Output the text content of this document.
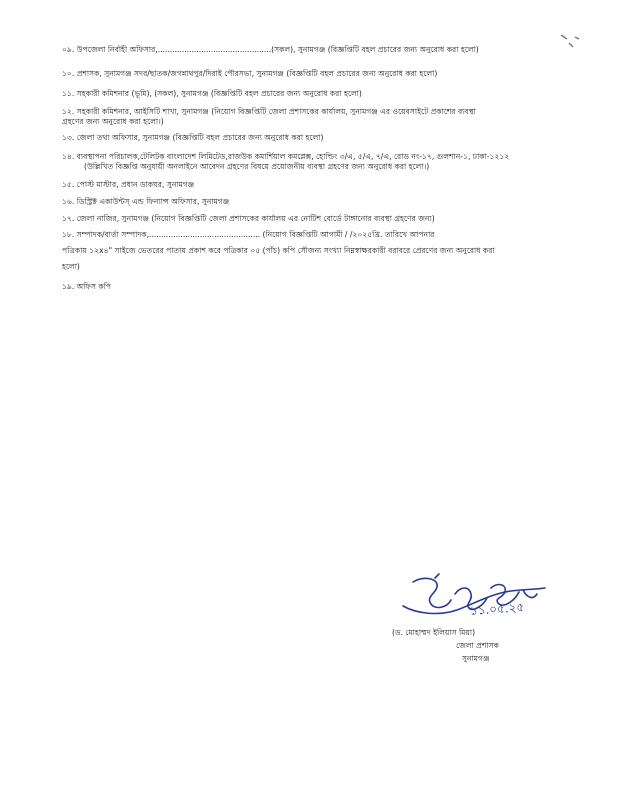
০৯. উপজেলা নির্বাহী অফিসার,...............................................(সকল), সুনামগঞ্জ (বিজ্ঞপ্তিটি বহল প্রচারের জন্য অনুরোধ করা হলো)
১০. প্রশাসক, সুনামগঞ্জ সদর/ছাতক/জগন্নাথপুর/দিরাই পৌরসভা, সুনামগঞ্জ (বিজ্ঞপ্তিটি বহল প্রচারের জন্য অনুরোধ করা হলো)
১১. সহকারী কমিশনার (ভূমি), (সকল), সুনামগঞ্জ (বিজ্ঞপ্তিটি বহল প্রচারের জন্য অনুরোধ করা হলো)
১২. সহকারী কমিশনার, আইসিটি শাখা, সুনামগঞ্জ (নিয়োগ বিজ্ঞপ্তিটি জেলা প্রশাসকের কার্যালয়, সুনামগঞ্জ এর ওয়েবসাইটে প্রকাশের ব্যবস্থা
গ্রহণের জন্য অনুরোধ করা হলো।)
১৩. জেলা তথ্য অফিসার, সুনামগঞ্জ (বিজ্ঞপ্তিটি বহল প্রচারের জন্য অনুরোধ করা হলো)
১৪. ব্যবস্থাপনা পরিচালক,টেলিটক বাংলাদেশ লিমিটেড,রাজউক কমার্শিয়াল কমপ্লেক্স, হোল্ডিং ৩/এ, ৫/এ, ৭/এ, রোড নং-১৭, গুলশান-১, ঢাকা-১২১২
(উল্লিখিত বিজ্ঞপ্তি অনুযায়ী অনলাইনে আবেদন গ্রহণের বিষয়ে প্রয়োজনীয় ব্যবস্থা গ্রহণের জন্য অনুরোধ করা হলো।)
১৫. পোস্ট মাস্টার, প্রধান ডাকঘর, সুনামগঞ্জ
১৬. ডিস্ট্রিক্ট একাউন্টস্ এন্ড ফিন্যান্স অফিসার, সুনামগঞ্জ
১৭. জেলা নাজির, সুনামগঞ্জ (নিয়োগ বিজ্ঞপ্তিটি জেলা প্রশাসকের কার্যালয় এর নোটিশ বোর্ডে টাঙ্গানোর ব্যবস্থা গ্রহণের জন্য)
১৮. সম্পাদক/বার্তা সম্পাদক,.............................................. (নিয়োগ বিজ্ঞপ্তিটি আগামী / /২০২৫খ্রি. তারিখে আপনার
পত্রিকায় ১২x৪" সাইজে ভেতরের পাতায় প্রকাশ করে পত্রিকার ০৫ (পাঁচ) কপি সৌজন্য সংখ্যা নিম্নস্বাক্ষরকারী বরাবরে প্রেরণের জন্য অনুরোধ করা
হলো)
১৯. অফিস কপি
১১.০৫.২৫
(ড. মোহাম্মদ ইলিয়াস মিয়া)
জেলা প্রশাসক
সুনামগঞ্জ
